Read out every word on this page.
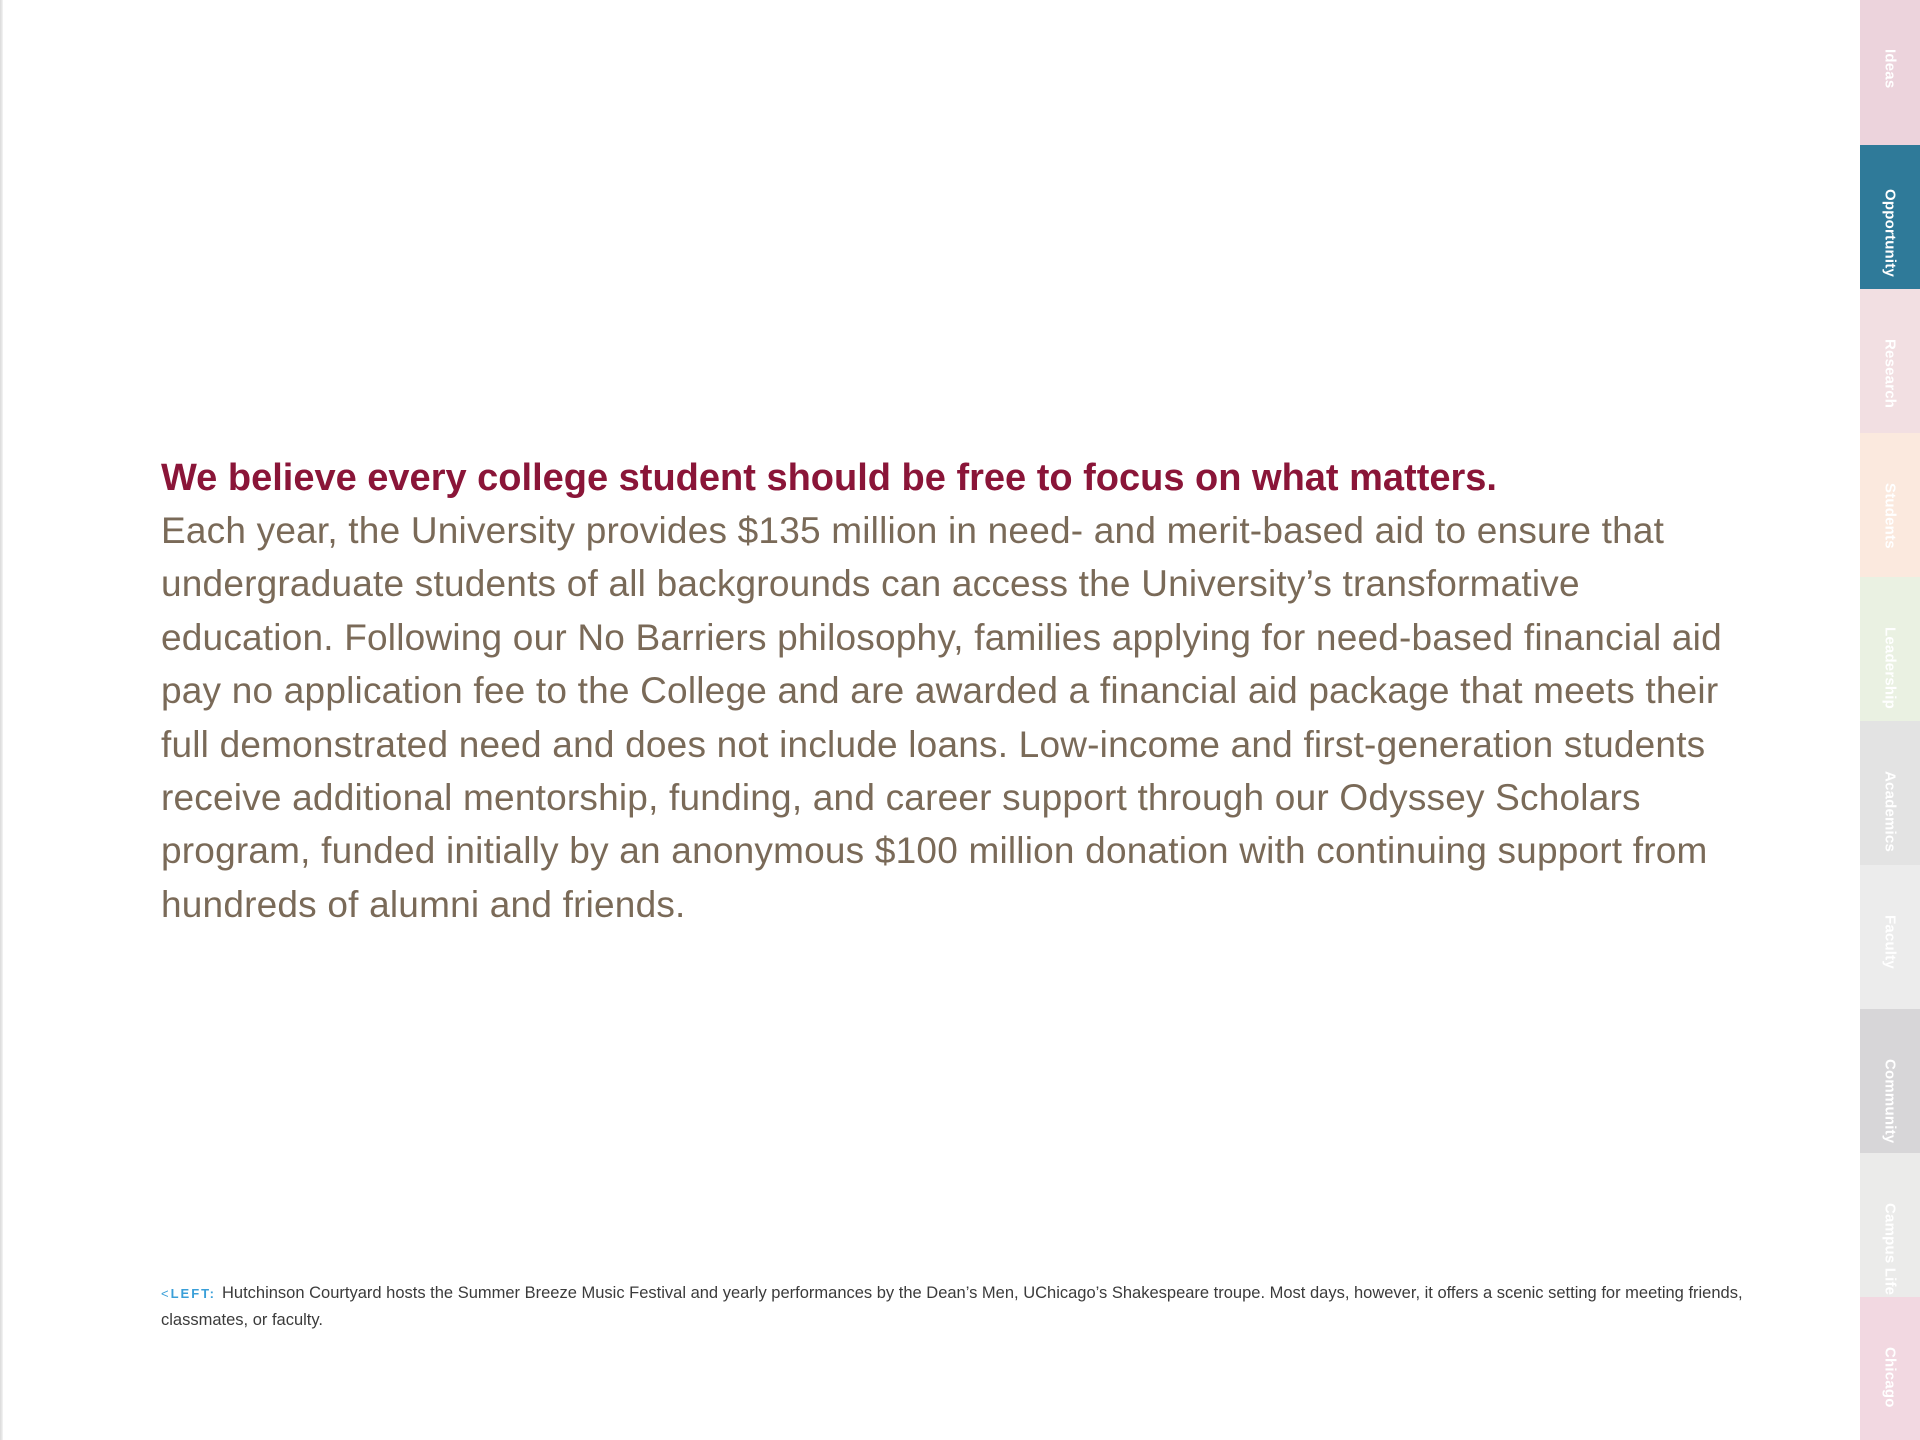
We believe every college student should be free to focus on what matters.

Each year, the University provides $135 million in need- and merit-based aid to ensure that undergraduate students of all backgrounds can access the University’s transformative education. Following our No Barriers philosophy, families applying for need-based financial aid pay no application fee to the College and are awarded a financial aid package that meets their full demonstrated need and does not include loans. Low-income and first-generation students receive additional mentorship, funding, and career support through our Odyssey Scholars program, funded initially by an anonymous $100 million donation with continuing support from hundreds of alumni and friends.

< LEFT: Hutchinson Courtyard hosts the Summer Breeze Music Festival and yearly performances by the Dean’s Men, UChicago’s Shakespeare troupe. Most days, however, it offers a scenic setting for meeting friends, classmates, or faculty.
Ideas
Opportunity
Research
Students
Leadership
Academics
Faculty
Community
Campus Life
Chicago
